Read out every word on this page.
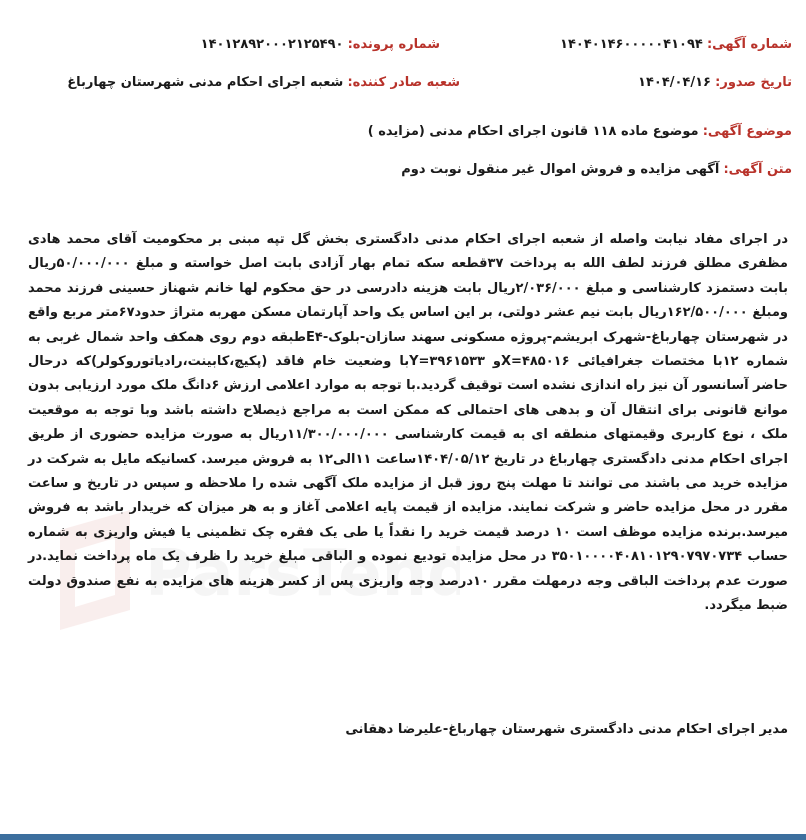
شماره آگهی: ۱۴۰۴۰۱۴۶۰۰۰۰۰۴۱۰۹۴
شماره پرونده: ۱۴۰۱۲۸۹۲۰۰۰۲۱۲۵۴۹۰
تاریخ صدور: ۱۴۰۴/۰۴/۱۶
شعبه صادر کننده: شعبه اجرای احکام مدنی شهرستان چهارباغ
موضوع آگهی: موضوع ماده ۱۱۸ قانون اجرای احکام مدنی (مزایده )
متن آگهی: آگهی مزایده و فروش اموال غیر منقول نوبت دوم
ParsTend
در اجرای مفاد نیابت واصله از شعبه اجرای احکام مدنی دادگستری بخش گل تپه مبنی بر محکومیت آقای محمد هادی مظفری مطلق فرزند لطف الله به پرداخت ۳۷قطعه سکه تمام بهار آزادی بابت اصل خواسته و مبلغ ۵۰/۰۰۰/۰۰۰ریال بابت دستمزد کارشناسی و مبلغ ۲/۰۳۶/۰۰۰ریال بابت هزینه دادرسی در حق محکوم لها خانم شهناز حسینی فرزند محمد ومبلغ ۱۶۲/۵۰۰/۰۰۰ریال بابت نیم عشر دولتی، بر این اساس یک واحد آپارتمان مسکن مهربه متراژ حدود۶۷متر مربع واقع در شهرستان چهارباغ-شهرک ابریشم-پروژه مسکونی سهند سازان-بلوک-E۴طبقه دوم روی همکف واحد شمال غربی به شماره ۱۲با مختصات جغرافیائی ۴۸۵۰۱۶=Xو ۳۹۶۱۵۳۳=Yبا وضعیت خام فاقد (پکیچ،کابینت،رادیاتوروکولر)که درحال حاضر آسانسور آن نیز راه اندازی نشده است توقیف گردید.با توجه به موارد اعلامی ارزش ۶دانگ ملک مورد ارزیابی بدون موانع قانونی برای انتقال آن و بدهی های احتمالی که ممکن است به مراجع ذیصلاح داشته باشد وبا توجه به موقعیت ملک ، نوع کاربری وقیمتهای منطقه ای به قیمت کارشناسی ۱۱/۳۰۰/۰۰۰/۰۰۰ریال به صورت مزایده حضوری از طریق اجرای احکام مدنی دادگستری چهارباغ در تاریخ ۱۴۰۴/۰۵/۱۲ساعت ۱۱الی۱۲ به فروش میرسد. کسانیکه مایل به شرکت در مزایده خرید می باشند می توانند تا مهلت پنج روز قبل از مزایده ملک آگهی شده را ملاحظه و سپس در تاریخ و ساعت مقرر در محل مزایده حاضر و شرکت نمایند. مزایده از قیمت پایه اعلامی آغاز و به هر میزان که خریدار باشد به فروش میرسد.برنده مزایده موظف است ۱۰ درصد قیمت خرید را نقداً یا طی یک فقره چک تظمینی یا فیش واریزی به شماره حساب ۳۵۰۱۰۰۰۰۴۰۸۱۰۱۲۹۰۷۹۷۰۷۳۴ در محل مزایده تودیع نموده و الباقی مبلغ خرید را ظرف یک ماه پرداخت نماید.در صورت عدم پرداخت الباقی وجه درمهلت مقرر ۱۰درصد وجه واریزی پس از کسر هزینه های مزایده به نفع صندوق دولت ضبط میگردد.
مدیر اجرای احکام مدنی دادگستری شهرستان چهارباغ-علیرضا دهقانی
